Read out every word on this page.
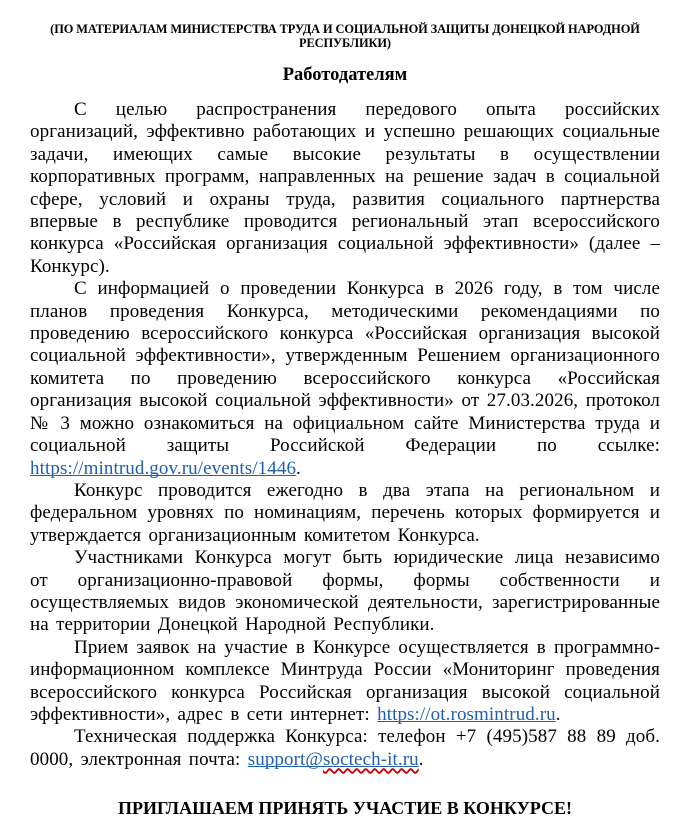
(ПО МАТЕРИАЛАМ МИНИСТЕРСТВА ТРУДА И СОЦИАЛЬНОЙ ЗАЩИТЫ ДОНЕЦКОЙ НАРОДНОЙ РЕСПУБЛИКИ)
Работодателям

С целью распространения передового опыта российских организаций, эффективно работающих и успешно решающих социальные задачи, имеющих самые высокие результаты в осуществлении корпоративных программ, направленных на решение задач в социальной сфере, условий и охраны труда, развития социального партнерства впервые в республике проводится региональный этап всероссийского конкурса «Российская организация социальной эффективности» (далее – Конкурс).

С информацией о проведении Конкурса в 2026 году, в том числе планов проведения Конкурса, методическими рекомендациями по проведению всероссийского конкурса «Российская организация высокой социальной эффективности», утвержденным Решением организационного комитета по проведению всероссийского конкурса «Российская организация высокой социальной эффективности» от 27.03.2026, протокол № 3 можно ознакомиться на официальном сайте Министерства труда и социальной защиты Российской Федерации по ссылке: https://mintrud.gov.ru/events/1446.

Конкурс проводится ежегодно в два этапа на региональном и федеральном уровнях по номинациям, перечень которых формируется и утверждается организационным комитетом Конкурса.

Участниками Конкурса могут быть юридические лица независимо от организационно-правовой формы, формы собственности и осуществляемых видов экономической деятельности, зарегистрированные на территории Донецкой Народной Республики.

Прием заявок на участие в Конкурсе осуществляется в программно-информационном комплексе Минтруда России «Мониторинг проведения всероссийского конкурса Российская организация высокой социальной эффективности», адрес в сети интернет: https://ot.rosmintrud.ru.

Техническая поддержка Конкурса: телефон +7 (495)587 88 89 доб. 0000, электронная почта: support@soctech-it.ru.

ПРИГЛАШАЕМ ПРИНЯТЬ УЧАСТИЕ В КОНКУРСЕ!
